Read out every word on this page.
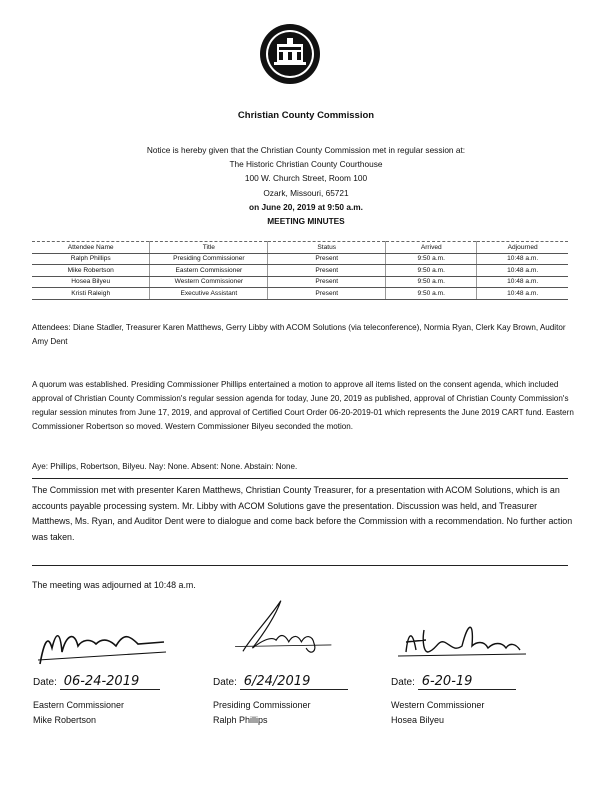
Christian County Commission
Notice is hereby given that the Christian County Commission met in regular session at:
The Historic Christian County Courthouse
100 W. Church Street, Room 100
Ozark, Missouri, 65721
on June 20, 2019 at 9:50 a.m.
MEETING MINUTES
Attendee Name	Title	Status	Arrived	Adjourned
Ralph Phillips	Presiding Commissioner	Present	9:50 a.m.	10:48 a.m.
Mike Robertson	Eastern Commissioner	Present	9:50 a.m.	10:48 a.m.
Hosea Bilyeu	Western Commissioner	Present	9:50 a.m.	10:48 a.m.
Kristi Raleigh	Executive Assistant	Present	9:50 a.m.	10:48 a.m.
Attendees: Diane Stadler, Treasurer Karen Matthews, Gerry Libby with ACOM Solutions (via teleconference), Normia Ryan, Clerk Kay Brown, Auditor Amy Dent
A quorum was established. Presiding Commissioner Phillips entertained a motion to approve all items listed on the consent agenda, which included approval of Christian County Commission's regular session agenda for today, June 20, 2019 as published, approval of Christian County Commission's regular session minutes from June 17, 2019, and approval of Certified Court Order 06-20-2019-01 which represents the June 2019 CART fund. Eastern Commissioner Robertson so moved. Western Commissioner Bilyeu seconded the motion.
Aye: Phillips, Robertson, Bilyeu. Nay: None. Absent: None. Abstain: None.
The Commission met with presenter Karen Matthews, Christian County Treasurer, for a presentation with ACOM Solutions, which is an accounts payable processing system. Mr. Libby with ACOM Solutions gave the presentation. Discussion was held, and Treasurer Matthews, Ms. Ryan, and Auditor Dent were to dialogue and come back before the Commission with a recommendation. No further action was taken.
The meeting was adjourned at 10:48 a.m.
Date: 06-24-2019
Eastern Commissioner
Mike Robertson
Date: 6/24/2019
Presiding Commissioner
Ralph Phillips
Date: 6-20-19
Western Commissioner
Hosea Bilyeu
